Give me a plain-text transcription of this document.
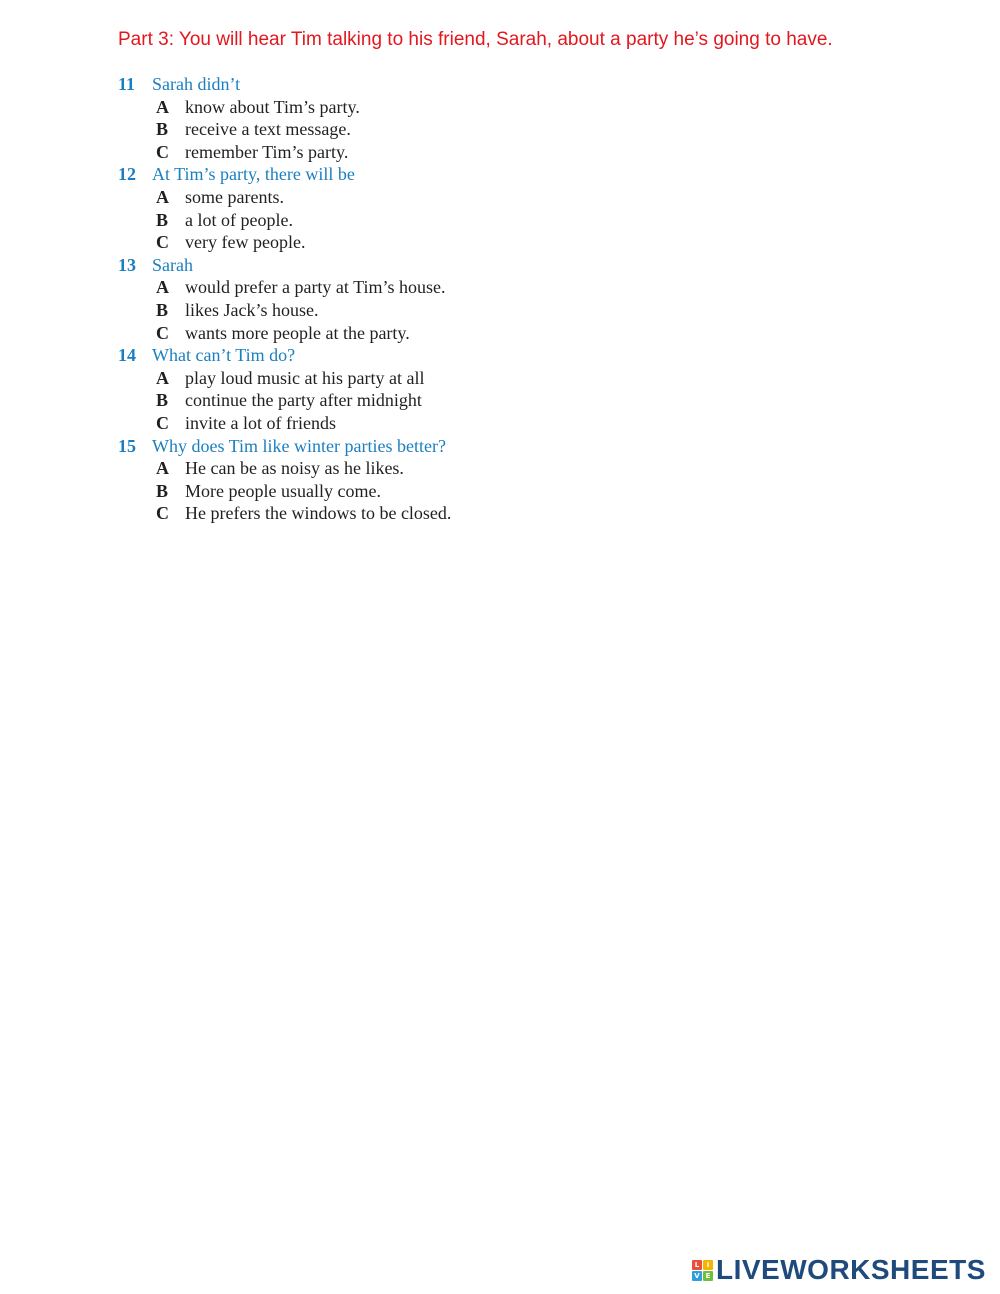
Part 3: You will hear Tim talking to his friend, Sarah, about a party he’s going to have.
11 Sarah didn’t
A know about Tim’s party.
B receive a text message.
C remember Tim’s party.
12 At Tim’s party, there will be
A some parents.
B a lot of people.
C very few people.
13 Sarah
A would prefer a party at Tim’s house.
B likes Jack’s house.
C wants more people at the party.
14 What can’t Tim do?
A play loud music at his party at all
B continue the party after midnight
C invite a lot of friends
15 Why does Tim like winter parties better?
A He can be as noisy as he likes.
B More people usually come.
C He prefers the windows to be closed.
L	I
V E LIVEWORKSHEETS
